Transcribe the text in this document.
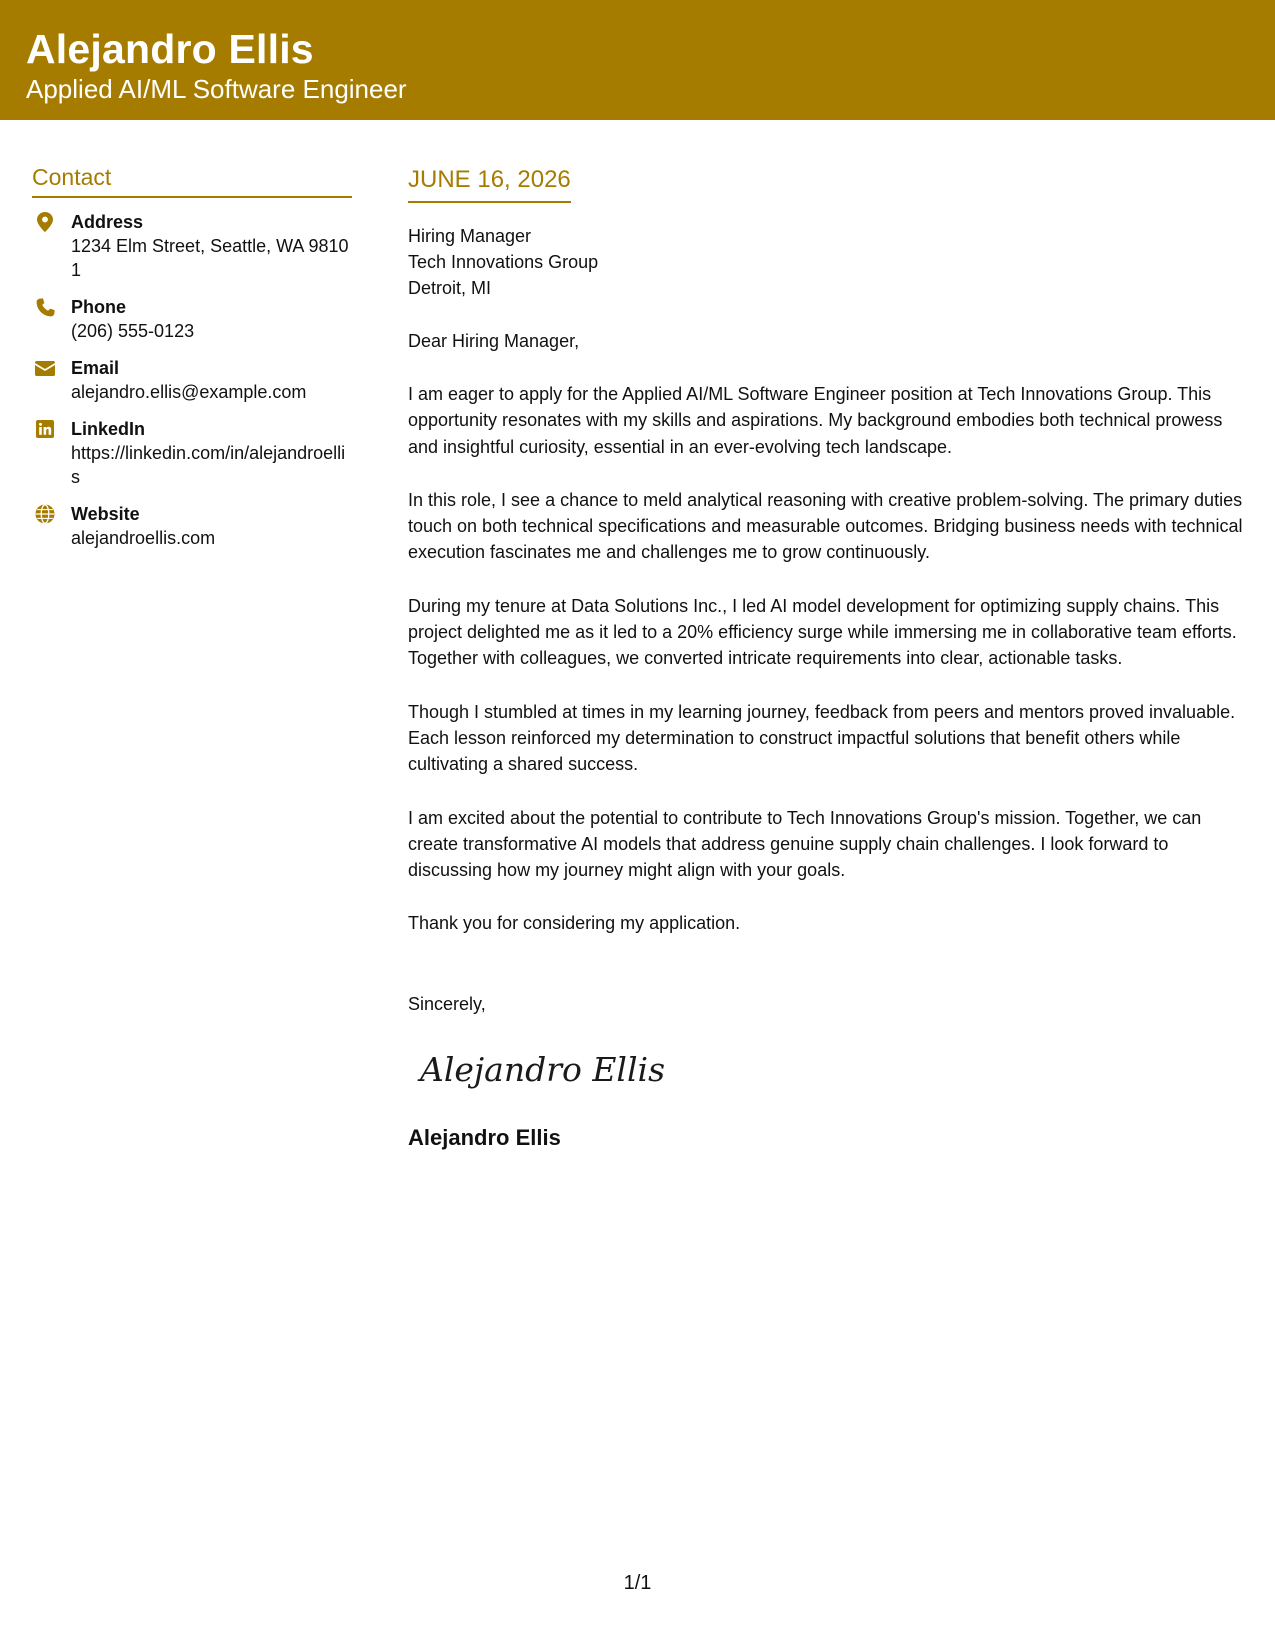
Alejandro Ellis
Applied AI/ML Software Engineer
Contact
Address
1234 Elm Street, Seattle, WA 98101
Phone
(206) 555-0123
Email
alejandro.ellis@example.com
LinkedIn
https://linkedin.com/in/alejandroellis
Website
alejandroellis.com
JUNE 16, 2026
Hiring Manager
Tech Innovations Group
Detroit, MI
Dear Hiring Manager,

I am eager to apply for the Applied AI/ML Software Engineer position at Tech Innovations Group. This opportunity resonates with my skills and aspirations. My background embodies both technical prowess and insightful curiosity, essential in an ever-evolving tech landscape.

In this role, I see a chance to meld analytical reasoning with creative problem-solving. The primary duties touch on both technical specifications and measurable outcomes. Bridging business needs with technical execution fascinates me and challenges me to grow continuously.

During my tenure at Data Solutions Inc., I led AI model development for optimizing supply chains. This project delighted me as it led to a 20% efficiency surge while immersing me in collaborative team efforts. Together with colleagues, we converted intricate requirements into clear, actionable tasks.

Though I stumbled at times in my learning journey, feedback from peers and mentors proved invaluable. Each lesson reinforced my determination to construct impactful solutions that benefit others while cultivating a shared success.

I am excited about the potential to contribute to Tech Innovations Group's mission. Together, we can create transformative AI models that address genuine supply chain challenges. I look forward to discussing how my journey might align with your goals.

Thank you for considering my application.

Sincerely,
Alejandro Ellis
Alejandro Ellis
1/1
